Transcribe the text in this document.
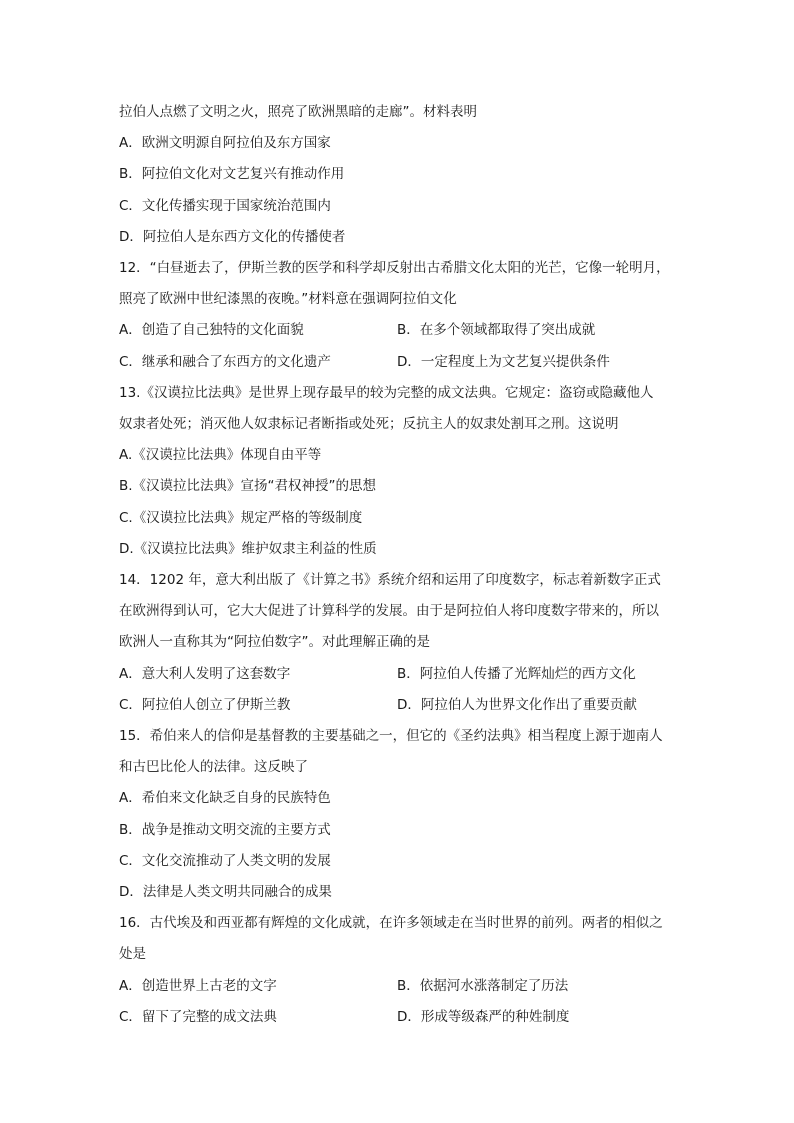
拉伯人点燃了文明之火，照亮了欧洲黑暗的走廊”。材料表明
A．欧洲文明源自阿拉伯及东方国家
B．阿拉伯文化对文艺复兴有推动作用
C．文化传播实现于国家统治范围内
D．阿拉伯人是东西方文化的传播使者
12．“白昼逝去了，伊斯兰教的医学和科学却反射出古希腊文化太阳的光芒，它像一轮明月，
照亮了欧洲中世纪漆黑的夜晚。”材料意在强调阿拉伯文化
A．创造了自己独特的文化面貌	B．在多个领域都取得了突出成就
C．继承和融合了东西方的文化遗产	D．一定程度上为文艺复兴提供条件
13.《汉谟拉比法典》是世界上现存最早的较为完整的成文法典。它规定：盗窃或隐藏他人
奴隶者处死；消灭他人奴隶标记者断指或处死；反抗主人的奴隶处割耳之刑。这说明
A.《汉谟拉比法典》体现自由平等
B.《汉谟拉比法典》宣扬“君权神授”的思想
C.《汉谟拉比法典》规定严格的等级制度
D.《汉谟拉比法典》维护奴隶主利益的性质
14．1202 年，意大利出版了《计算之书》系统介绍和运用了印度数字，标志着新数字正式
在欧洲得到认可，它大大促进了计算科学的发展。由于是阿拉伯人将印度数字带来的，所以
欧洲人一直称其为“阿拉伯数字”。对此理解正确的是
A．意大利人发明了这套数字	B．阿拉伯人传播了光辉灿烂的西方文化
C．阿拉伯人创立了伊斯兰教	D．阿拉伯人为世界文化作出了重要贡献
15．希伯来人的信仰是基督教的主要基础之一，但它的《圣约法典》相当程度上源于迦南人
和古巴比伦人的法律。这反映了
A．希伯来文化缺乏自身的民族特色
B．战争是推动文明交流的主要方式
C．文化交流推动了人类文明的发展
D．法律是人类文明共同融合的成果
16．古代埃及和西亚都有辉煌的文化成就，在许多领域走在当时世界的前列。两者的相似之
处是
A．创造世界上古老的文字	B．依据河水涨落制定了历法
C．留下了完整的成文法典	D．形成等级森严的种姓制度
